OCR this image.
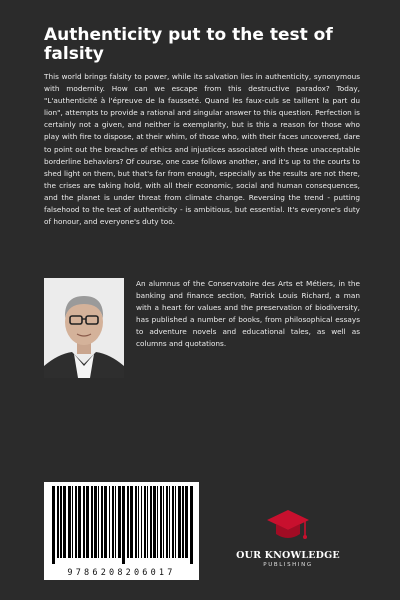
Authenticity put to the test of falsity

This world brings falsity to power, while its salvation lies in authenticity, synonymous with modernity. How can we escape from this destructive paradox? Today, "L'authenticité à l'épreuve de la fausseté. Quand les faux-culs se taillent la part du lion", attempts to provide a rational and singular answer to this question. Perfection is certainly not a given, and neither is exemplarity, but is this a reason for those who play with fire to dispose, at their whim, of those who, with their faces uncovered, dare to point out the breaches of ethics and injustices associated with these unacceptable borderline behaviors? Of course, one case follows another, and it's up to the courts to shed light on them, but that's far from enough, especially as the results are not there, the crises are taking hold, with all their economic, social and human consequences, and the planet is under threat from climate change. Reversing the trend - putting falsehood to the test of authenticity - is ambitious, but essential. It's everyone's duty of honour, and everyone's duty too.

An alumnus of the Conservatoire des Arts et Métiers, in the banking and finance section, Patrick Louis Richard, a man with a heart for values and the preservation of biodiversity, has published a number of books, from philosophical essays to adventure novels and educational tales, as well as columns and quotations.

9786208206017
OUR KNOWLEDGE
PUBLISHING
